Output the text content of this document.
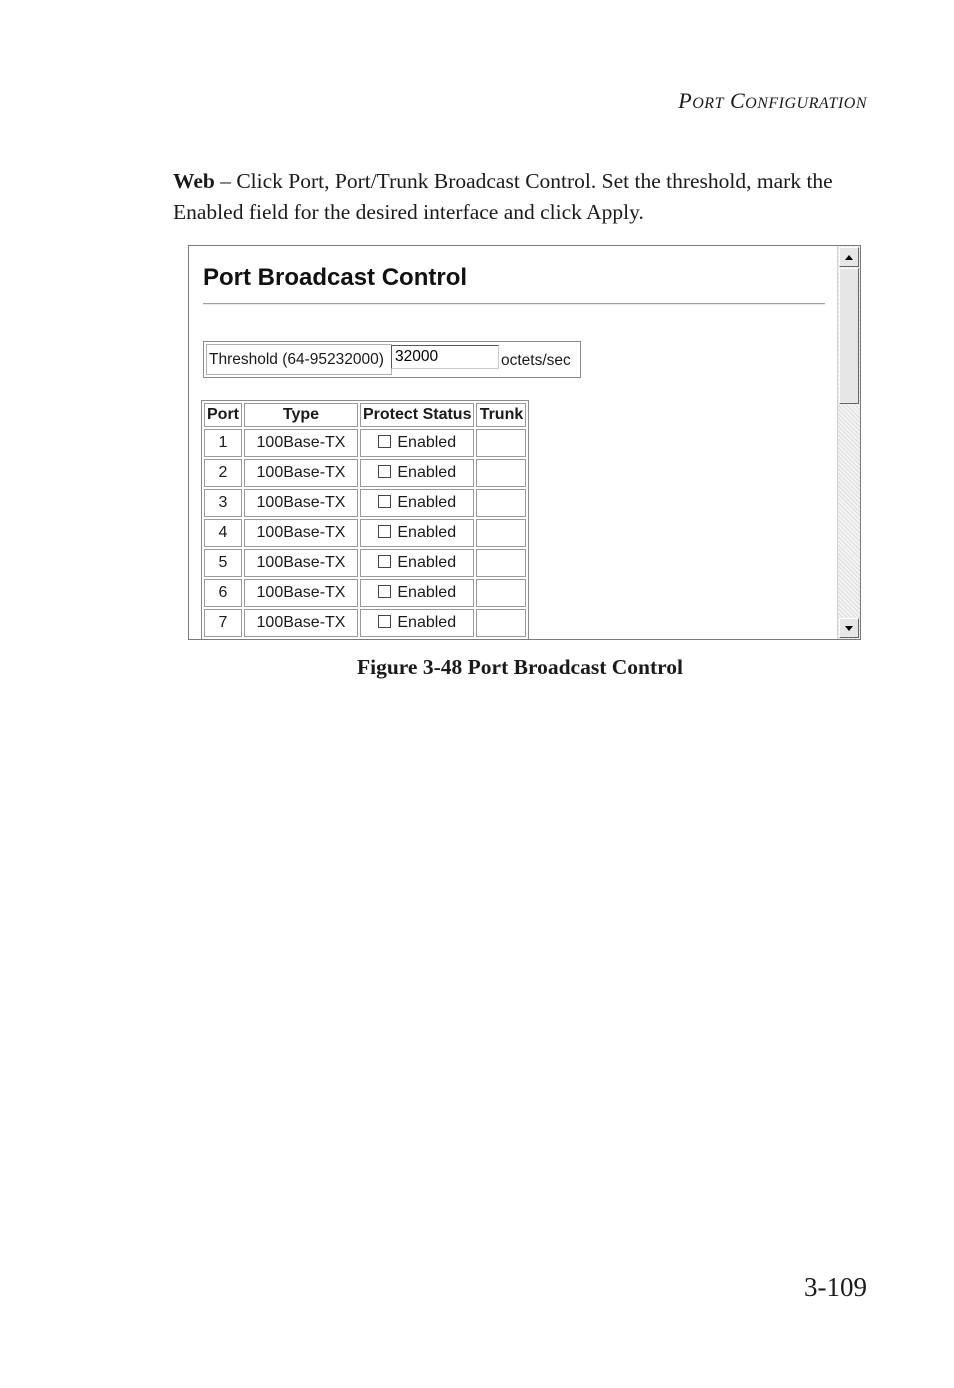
PORT CONFIGURATION

Web – Click Port, Port/Trunk Broadcast Control. Set the threshold, mark the Enabled field for the desired interface and click Apply.

Port Broadcast Control
Threshold (64-95232000)
32000	octets/sec
Port	Type	Protect Status	Trunk
1	100Base-TX	Enabled	
2	100Base-TX	Enabled	
3	100Base-TX	Enabled	
4	100Base-TX	Enabled	
5	100Base-TX	Enabled	
6	100Base-TX	Enabled	
7	100Base-TX	Enabled	
Figure 3-48 Port Broadcast Control
3-109
